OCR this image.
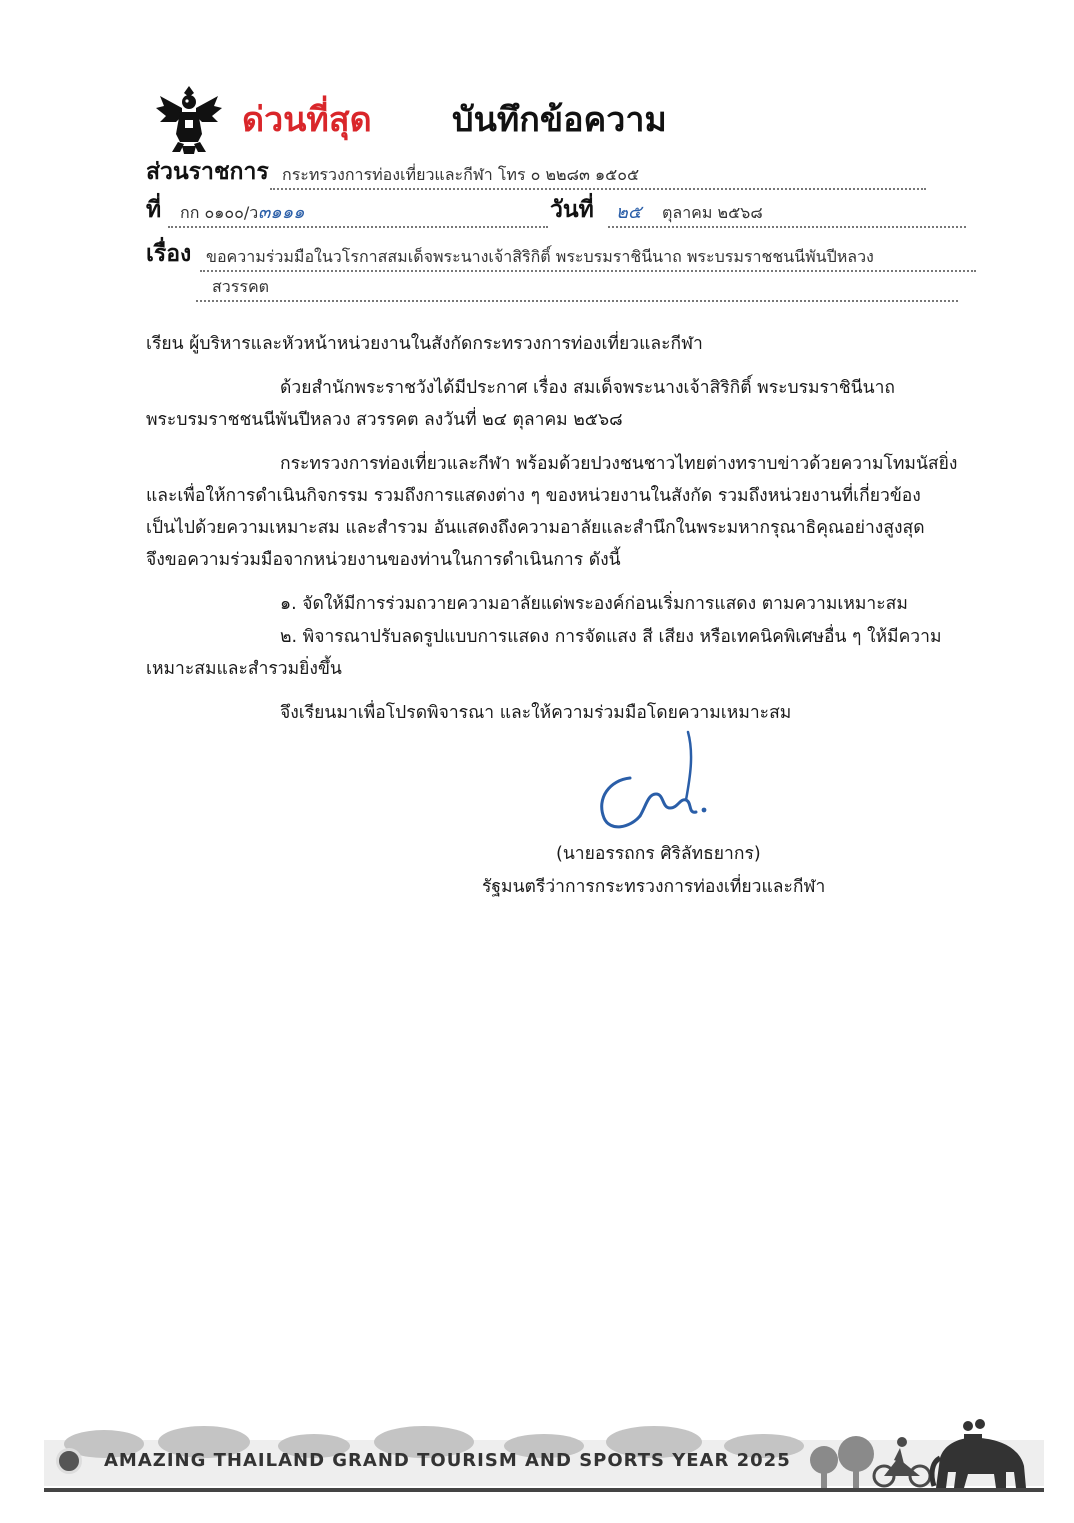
ด่วนที่สุด บันทึกข้อความ
ส่วนราชการ กระทรวงการท่องเที่ยวและกีฬา โทร ๐ ๒๒๘๓ ๑๕๐๕
ที่ กก ๐๑๐๐/ว ๓๑๑๑	วันที่ ๒๕ ตุลาคม ๒๕๖๘
เรื่อง ขอความร่วมมือในวโรกาสสมเด็จพระนางเจ้าสิริกิติ์ พระบรมราชินีนาถ พระบรมราชชนนีพันปีหลวง
สวรรคต
เรียน ผู้บริหารและหัวหน้าหน่วยงานในสังกัดกระทรวงการท่องเที่ยวและกีฬา
ด้วยสำนักพระราชวังได้มีประกาศ เรื่อง สมเด็จพระนางเจ้าสิริกิติ์ พระบรมราชินีนาถ
พระบรมราชชนนีพันปีหลวง สวรรคต ลงวันที่ ๒๔ ตุลาคม ๒๕๖๘
กระทรวงการท่องเที่ยวและกีฬา พร้อมด้วยปวงชนชาวไทยต่างทราบข่าวด้วยความโทมนัสยิ่ง
และเพื่อให้การดำเนินกิจกรรม รวมถึงการแสดงต่าง ๆ ของหน่วยงานในสังกัด รวมถึงหน่วยงานที่เกี่ยวข้อง
เป็นไปด้วยความเหมาะสม และสำรวม อันแสดงถึงความอาลัยและสำนึกในพระมหากรุณาธิคุณอย่างสูงสุด
จึงขอความร่วมมือจากหน่วยงานของท่านในการดำเนินการ ดังนี้
๑. จัดให้มีการร่วมถวายความอาลัยแด่พระองค์ก่อนเริ่มการแสดง ตามความเหมาะสม
๒. พิจารณาปรับลดรูปแบบการแสดง การจัดแสง สี เสียง หรือเทคนิคพิเศษอื่น ๆ ให้มีความ
เหมาะสมและสำรวมยิ่งขึ้น
จึงเรียนมาเพื่อโปรดพิจารณา และให้ความร่วมมือโดยความเหมาะสม
(นายอรรถกร ศิริลัทธยากร)
รัฐมนตรีว่าการกระทรวงการท่องเที่ยวและกีฬา
AMAZING THAILAND GRAND TOURISM AND SPORTS YEAR 2025
